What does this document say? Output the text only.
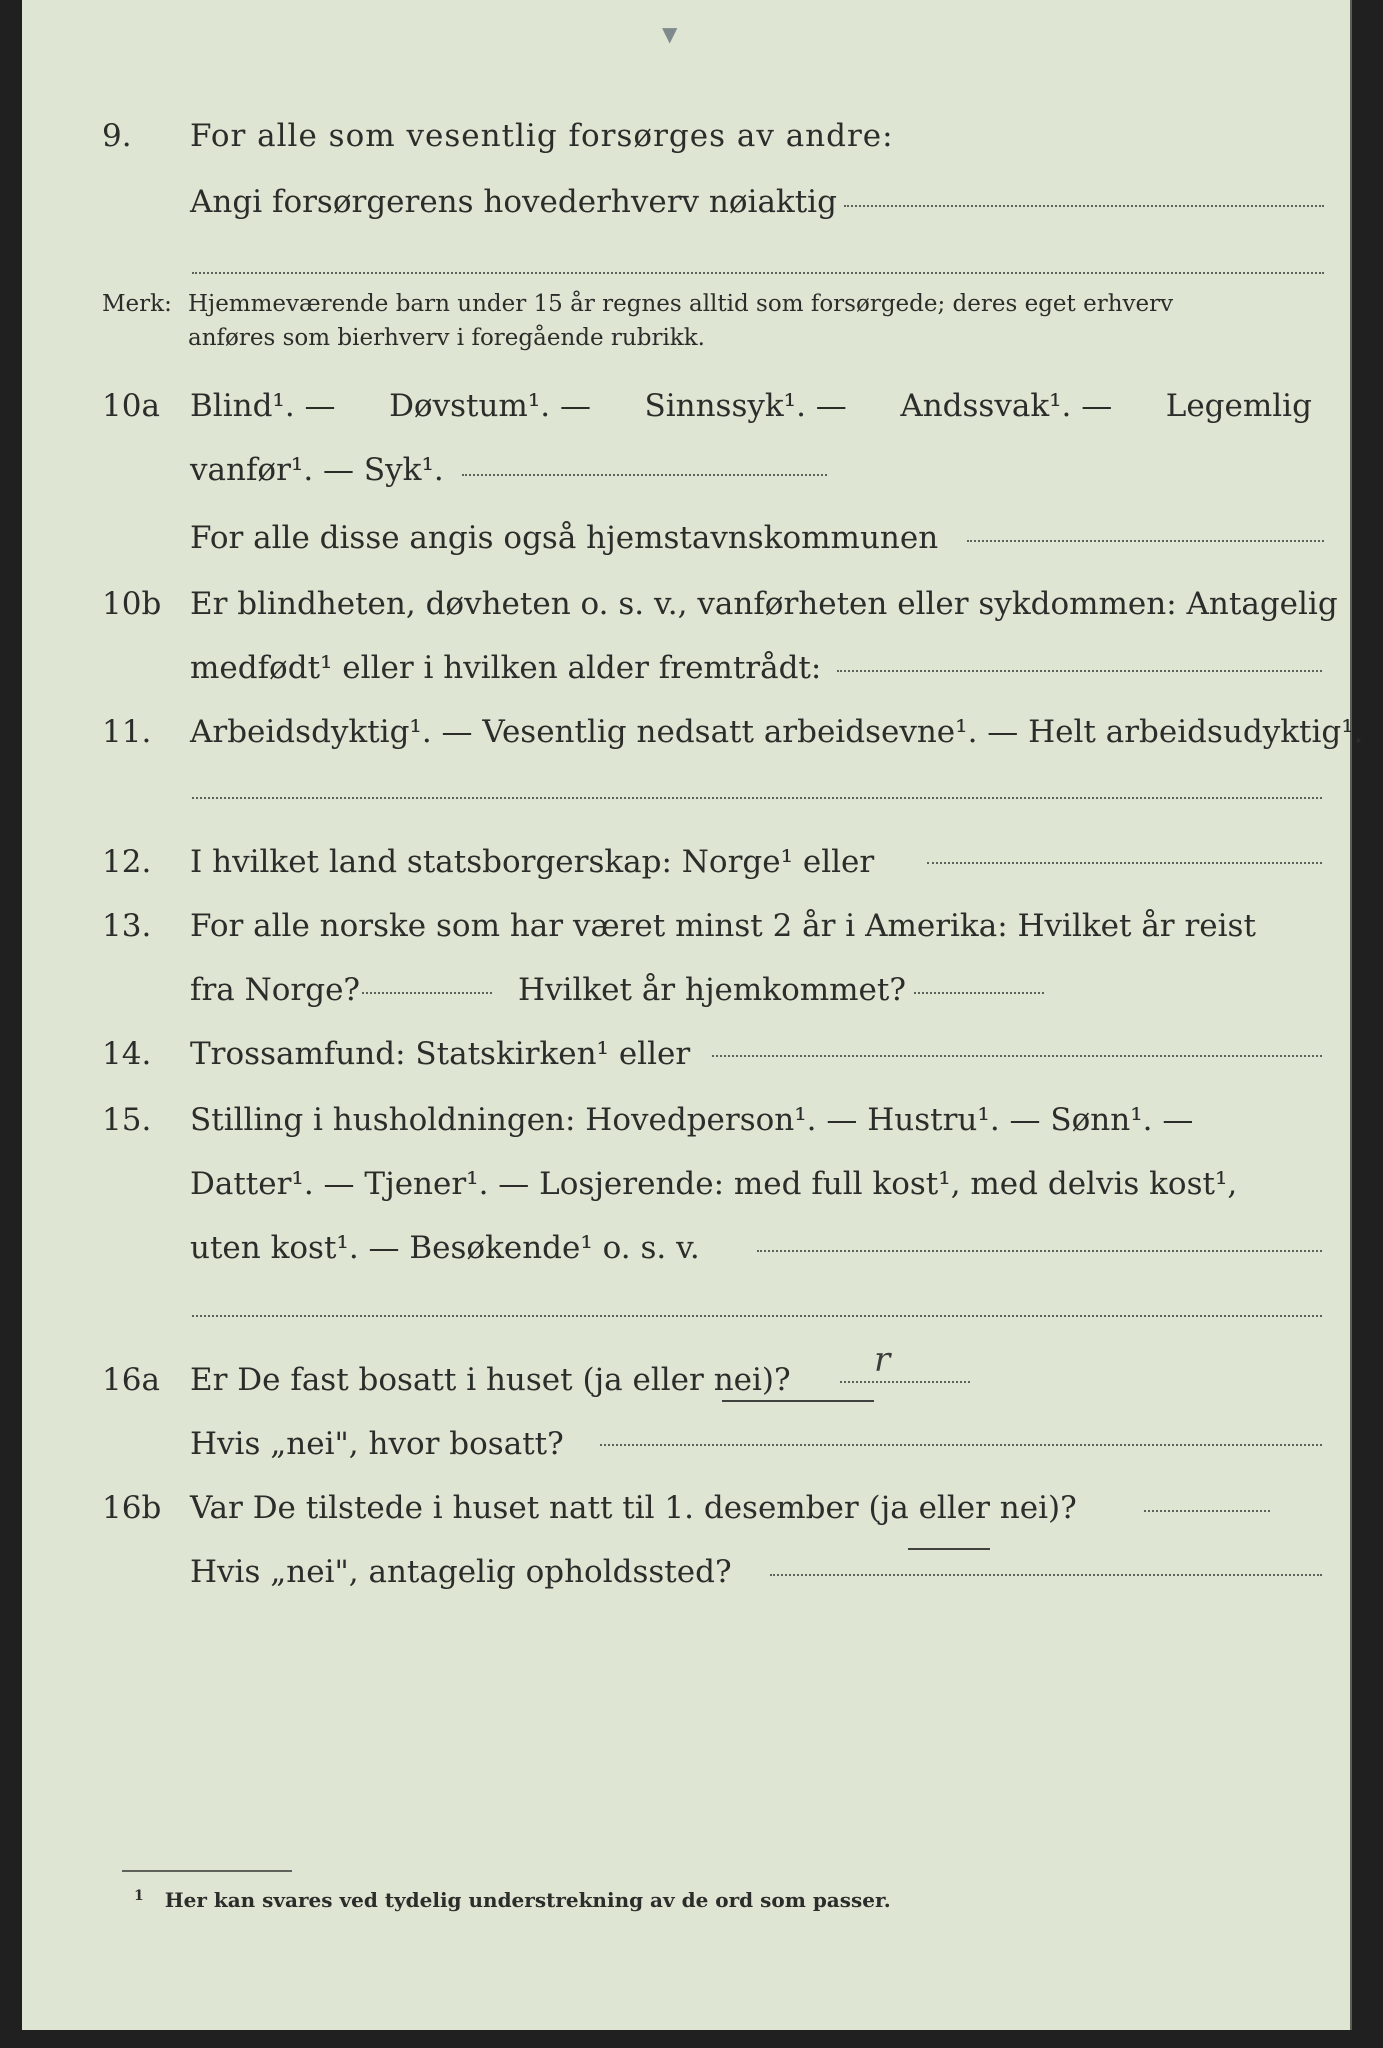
▼
9. For alle som vesentlig forsørges av andre:
Angi forsørgerens hovederhverv nøiaktig
Merk: Hjemmeværende barn under 15 år regnes alltid som forsørgede; deres eget erhverv
anføres som bierhverv i foregående rubrikk.
10a Blind¹. — Døvstum¹. — Sinnssyk¹. — Andssvak¹. — Legemlig
vanfør¹. — Syk¹.
For alle disse angis også hjemstavnskommunen
10b Er blindheten, døvheten o. s. v., vanførheten eller sykdommen: Antagelig
medfødt¹ eller i hvilken alder fremtrådt:
11. Arbeidsdyktig¹. — Vesentlig nedsatt arbeidsevne¹. — Helt arbeidsudyktig¹.
12. I hvilket land statsborgerskap: Norge¹ eller
13. For alle norske som har været minst 2 år i Amerika: Hvilket år reist
fra Norge?	Hvilket år hjemkommet?
14. Trossamfund: Statskirken¹ eller
15. Stilling i husholdningen: Hovedperson¹. — Hustru¹. — Sønn¹. —
Datter¹. — Tjener¹. — Losjerende: med full kost¹, med delvis kost¹,
uten kost¹. — Besøkende¹ o. s. v.
16a Er De fast bosatt i huset (ja eller nei)? r
Hvis „nei", hvor bosatt?
16b Var De tilstede i huset natt til 1. desember (ja eller nei)?
Hvis „nei", antagelig opholdssted?
$^1$ Her kan svares ved tydelig understrekning av de ord som passer.
